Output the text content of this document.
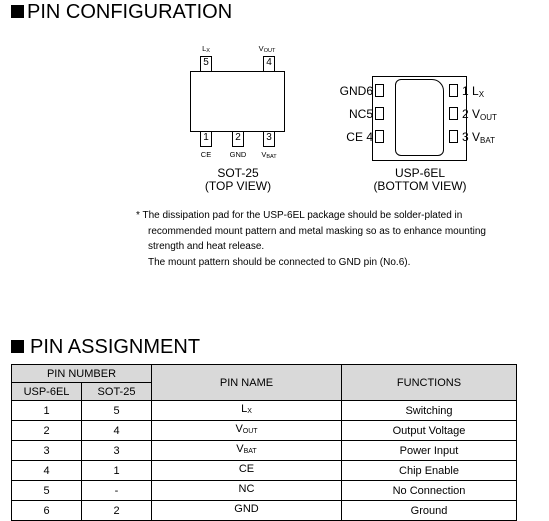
PIN CONFIGURATION
$L_X$	$V_{OUT}$
5	4
1	2	3
CE	GND	$V_{BAT}$
SOT-25
(TOP VIEW)
GND6
NC5
CE 4
1 $L_X$
2 $V_{OUT}$
3 $V_{BAT}$
USP-6EL
(BOTTOM VIEW)
* The dissipation pad for the USP-6EL package should be solder-plated in
recommended mount pattern and metal masking so as to enhance mounting
strength and heat release.
The mount pattern should be connected to GND pin (No.6).
PIN ASSIGNMENT
PIN NUMBER		PIN NAME	FUNCTIONS
USP-6EL	SOT-25		
1	5	$L_X$	Switching
2	4	$V_{OUT}$	Output Voltage
3	3	$V_{BAT}$	Power Input
4	1	CE	Chip Enable
5	-	NC	No Connection
6	2	GND	Ground
